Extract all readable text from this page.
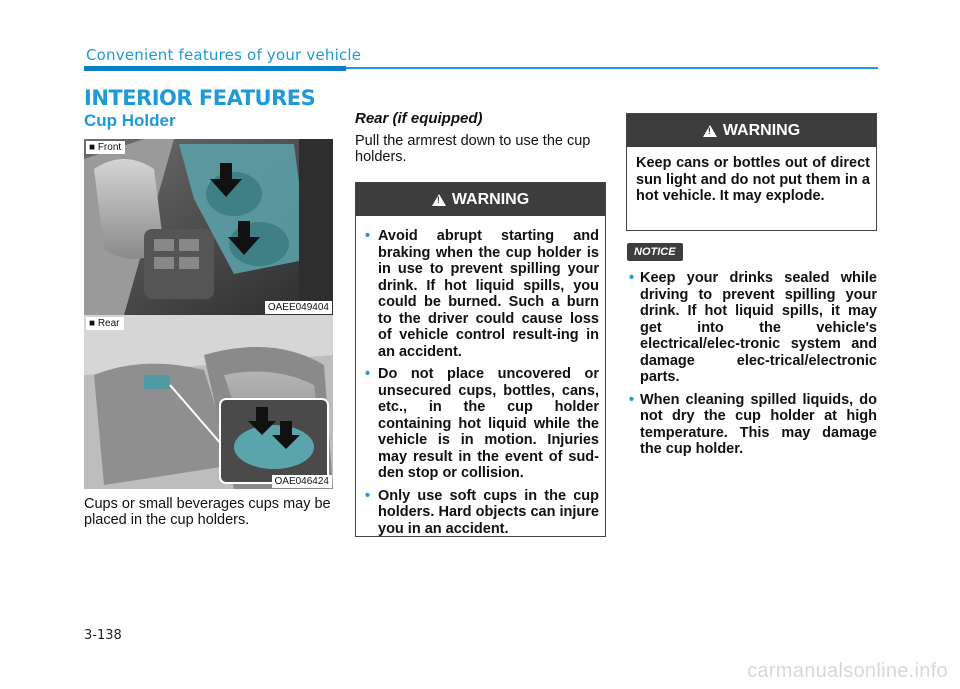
Convenient features of your vehicle
INTERIOR FEATURES
Cup Holder
■ Front
OAEE049404
■ Rear
OAE046424
Cups or small beverages cups may be placed in the cup holders.
Rear (if equipped)
Pull the armrest down to use the cup holders.
!
WARNING
• Avoid abrupt starting and braking when the cup holder is in use to prevent spilling your drink. If hot liquid spills, you could be burned. Such a burn to the driver could cause loss of vehicle control result-ing in an accident.
• Do not place uncovered or unsecured cups, bottles, cans, etc., in the cup holder containing hot liquid while the vehicle is in motion. Injuries may result in the event of sud-den stop or collision.
• Only use soft cups in the cup holders. Hard objects can injure you in an accident.
!
WARNING
Keep cans or bottles out of direct sun light and do not put them in a hot vehicle. It may explode.
NOTICE
• Keep your drinks sealed while driving to prevent spilling your drink. If hot liquid spills, it may get into the vehicle's electrical/elec-tronic system and damage elec-trical/electronic parts.
• When cleaning spilled liquids, do not dry the cup holder at high temperature. This may damage the cup holder.
3-138
carmanualsonline.info
